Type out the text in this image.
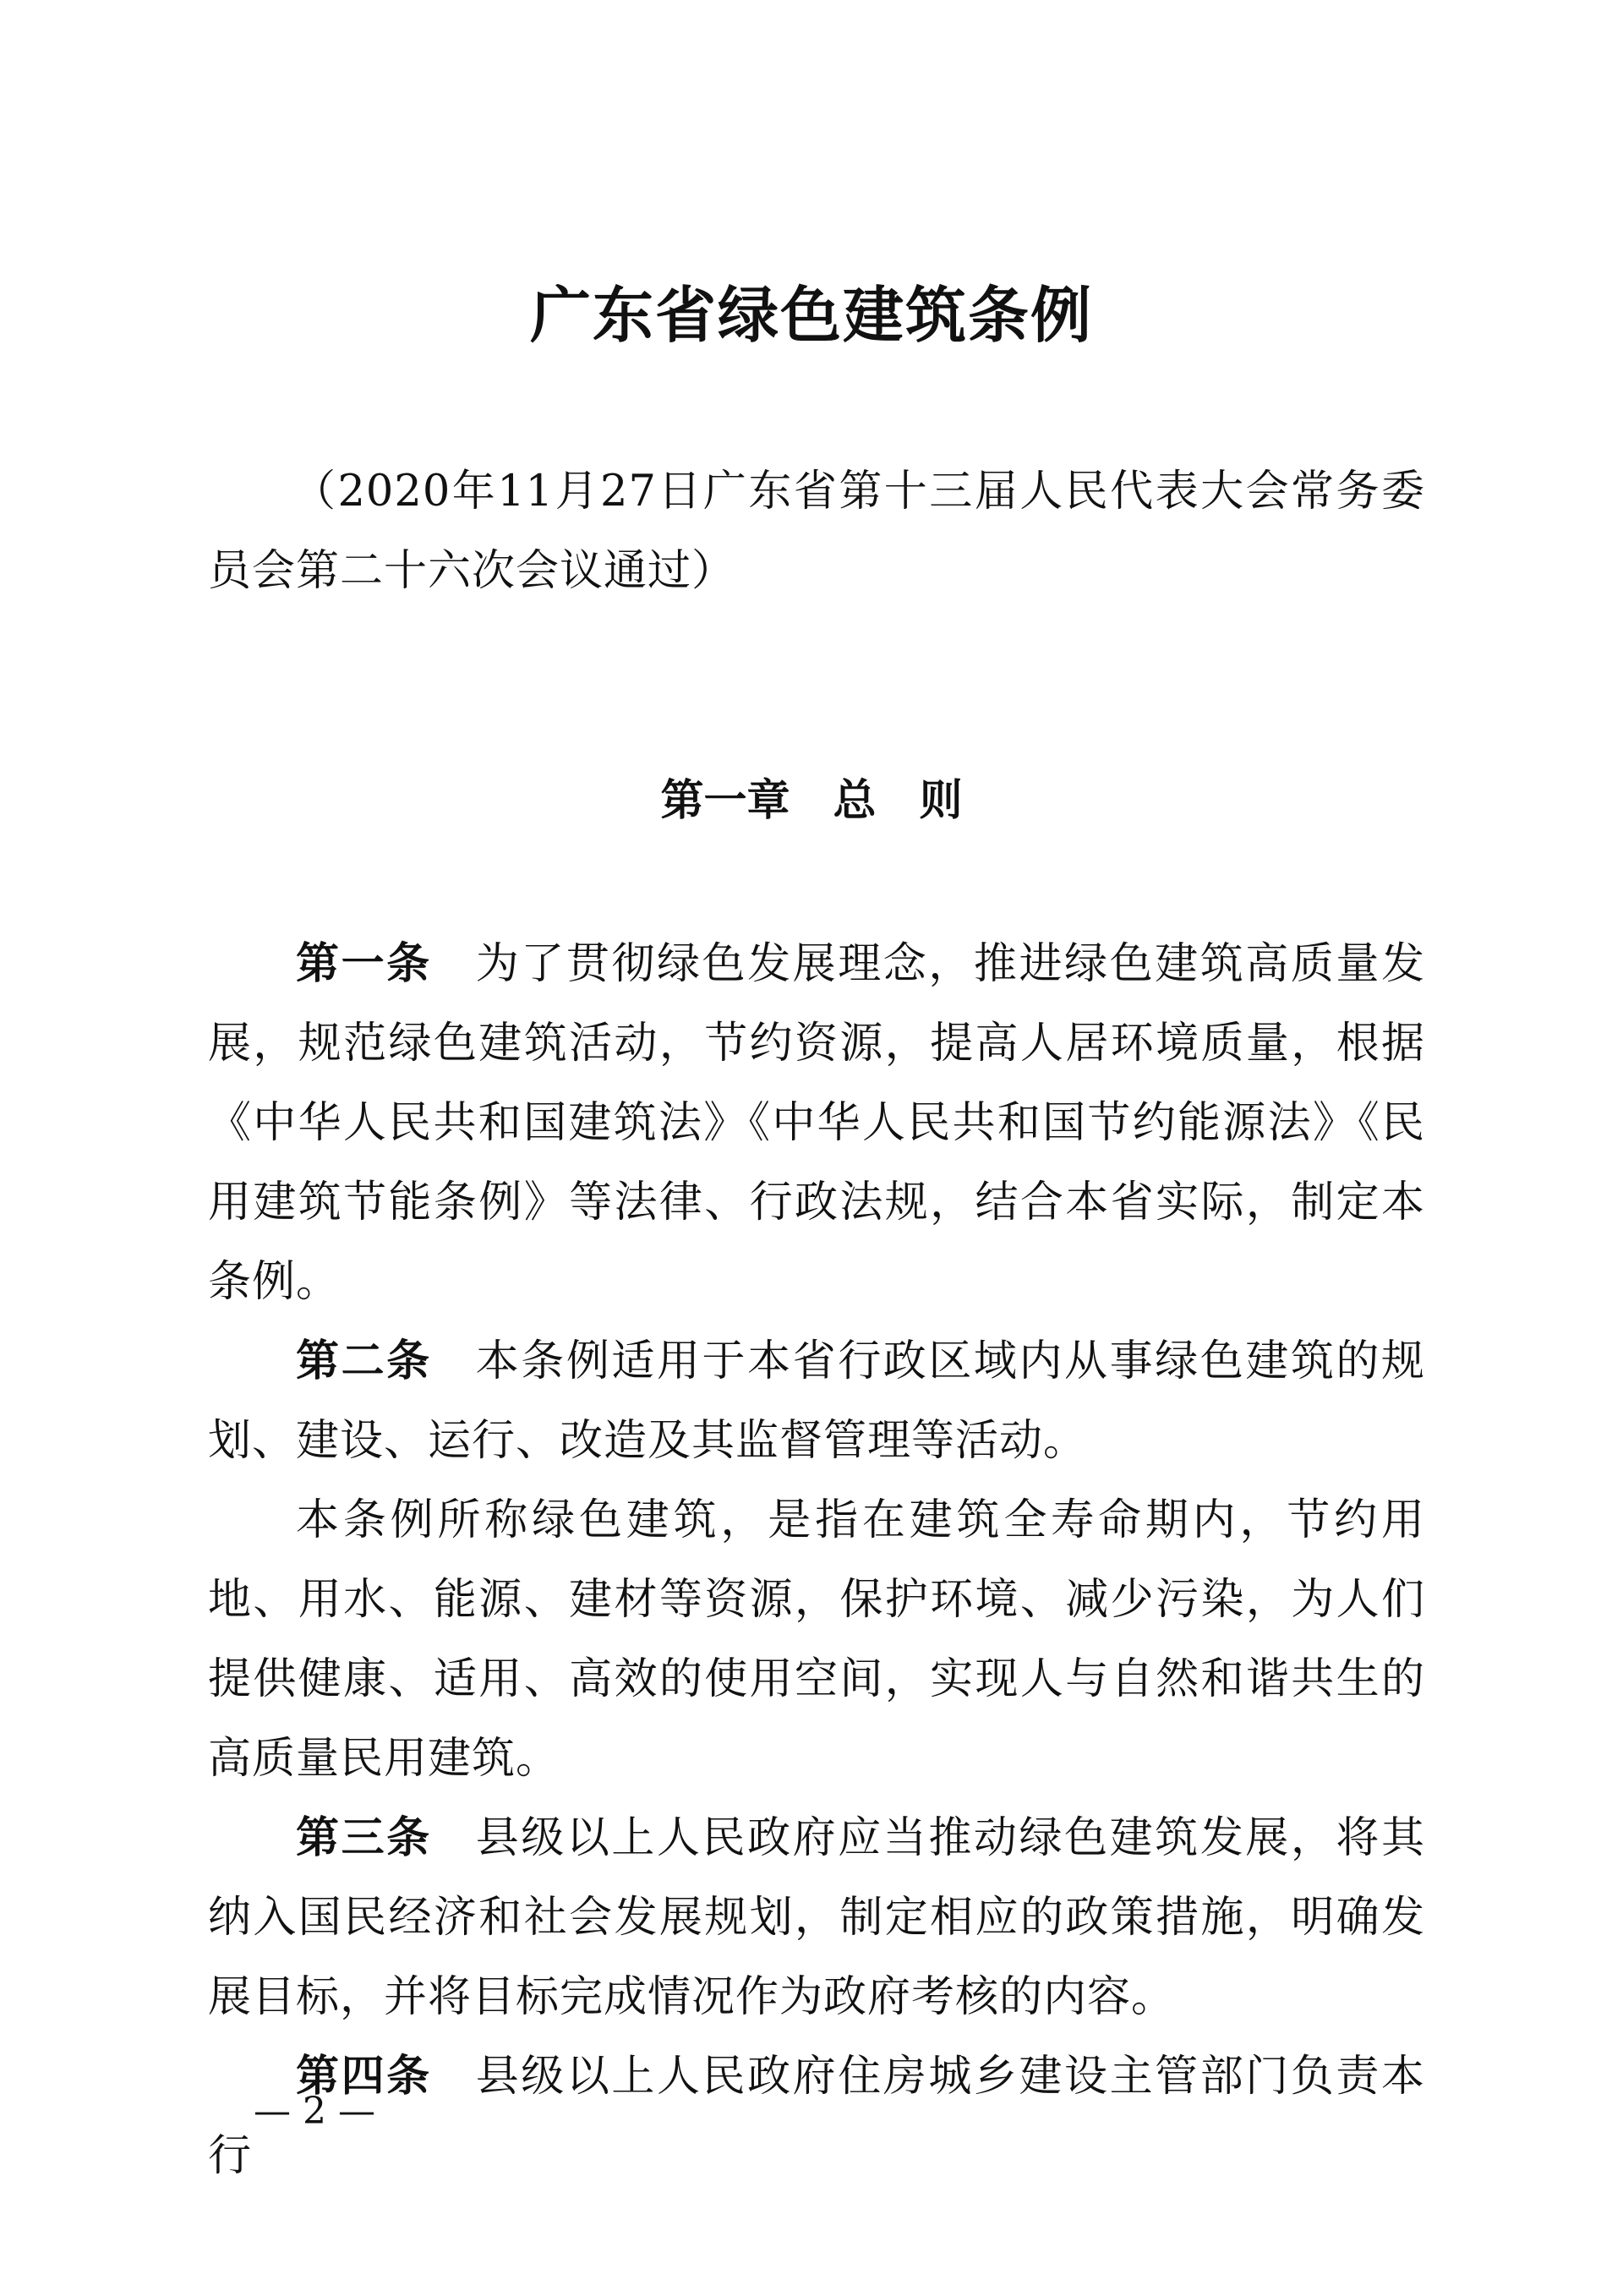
广东省绿色建筑条例
（2020年11月27日广东省第十三届人民代表大会常务委员会第二十六次会议通过）
第一章　总　则

第一条 为了贯彻绿色发展理念，推进绿色建筑高质量发展，规范绿色建筑活动，节约资源，提高人居环境质量，根据《中华人民共和国建筑法》《中华人民共和国节约能源法》《民用建筑节能条例》等法律、行政法规，结合本省实际，制定本条例。

第二条 本条例适用于本省行政区域内从事绿色建筑的规划、建设、运行、改造及其监督管理等活动。

本条例所称绿色建筑，是指在建筑全寿命期内，节约用地、用水、能源、建材等资源，保护环境、减少污染，为人们提供健康、适用、高效的使用空间，实现人与自然和谐共生的高质量民用建筑。

第三条 县级以上人民政府应当推动绿色建筑发展，将其纳入国民经济和社会发展规划，制定相应的政策措施，明确发展目标，并将目标完成情况作为政府考核的内容。

第四条 县级以上人民政府住房城乡建设主管部门负责本行

— 2 —
